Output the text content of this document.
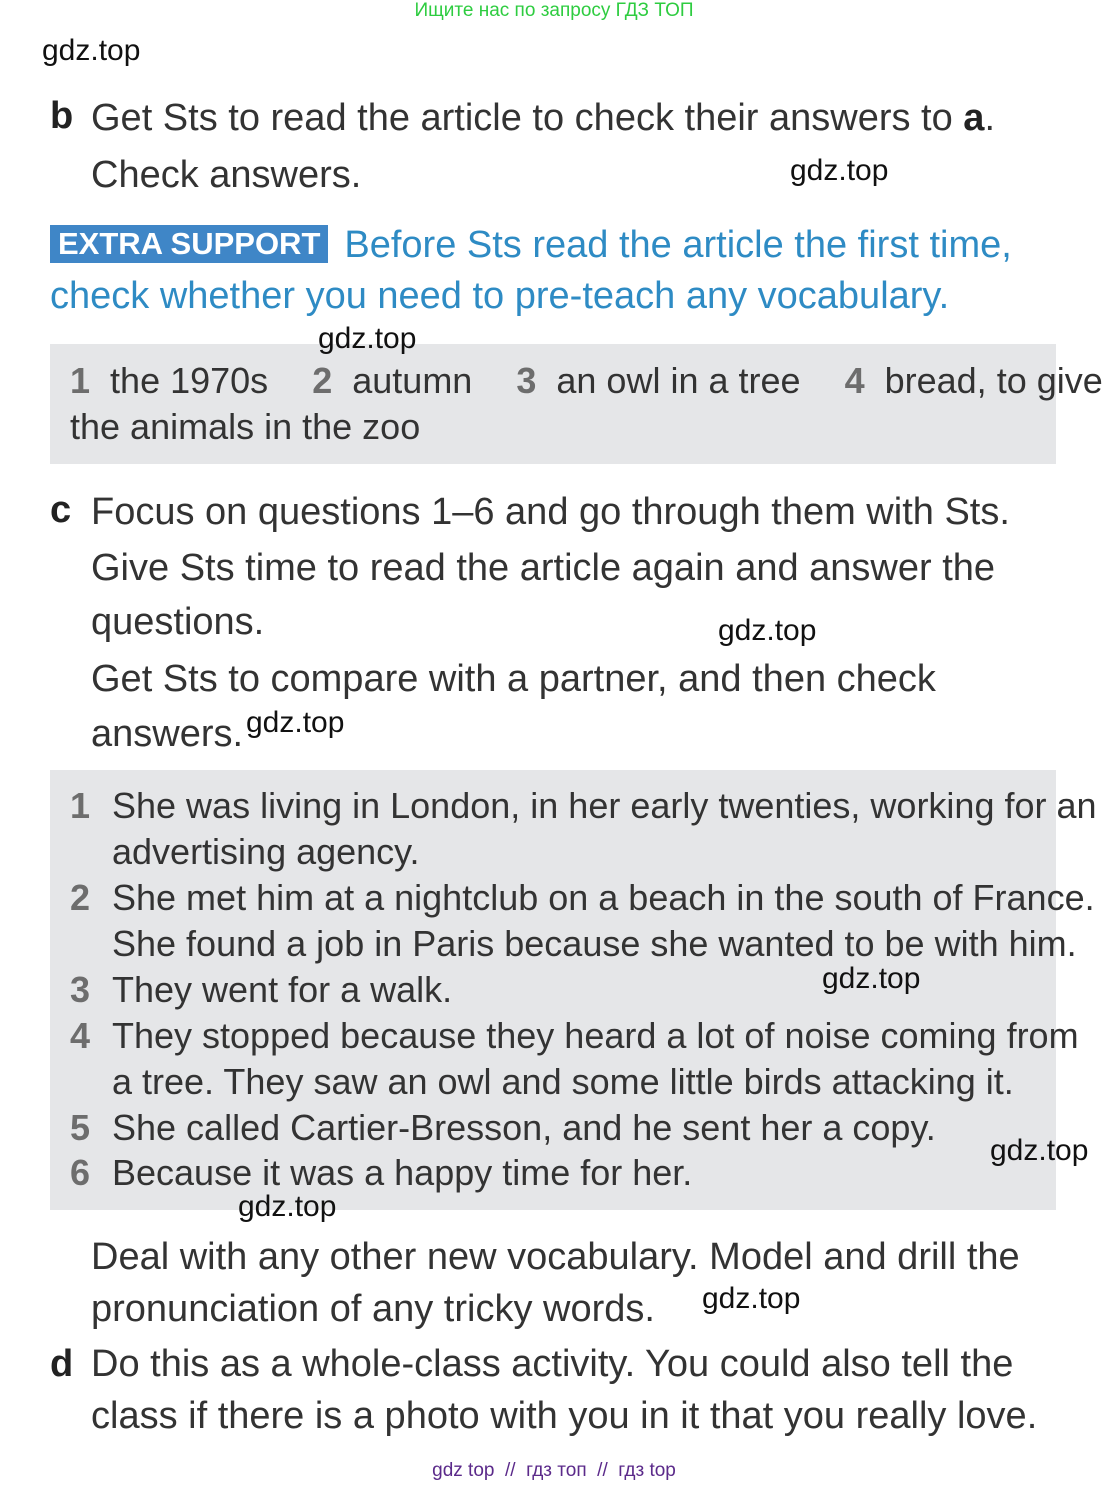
Ищите нас по запросу ГДЗ ТОП
gdz.top
b Get Sts to read the article to check their answers to a.
Check answers.	gdz.top
EXTRA SUPPORT Before Sts read the article the first time,
check whether you need to pre-teach any vocabulary.
1 the 1970s 2 autumn 3 an owl in a tree 4 bread, to give
the animals in the zoo
gdz.top
c Focus on questions 1–6 and go through them with Sts.
Give Sts time to read the article again and answer the
questions.
Get Sts to compare with a partner, and then check
answers.
gdz.top
gdz.top
1 She was living in London, in her early twenties, working for an
advertising agency.
2 She met him at a nightclub on a beach in the south of France.
She found a job in Paris because she wanted to be with him.
3 They went for a walk.
4 They stopped because they heard a lot of noise coming from
a tree. They saw an owl and some little birds attacking it.
5 She called Cartier-Bresson, and he sent her a copy.
6 Because it was a happy time for her.
gdz.top
gdz.top
gdz.top
Deal with any other new vocabulary. Model and drill the
pronunciation of any tricky words.	gdz.top
d Do this as a whole-class activity. You could also tell the
class if there is a photo with you in it that you really love.
gdz top  //  гдз топ  //  гдз top
